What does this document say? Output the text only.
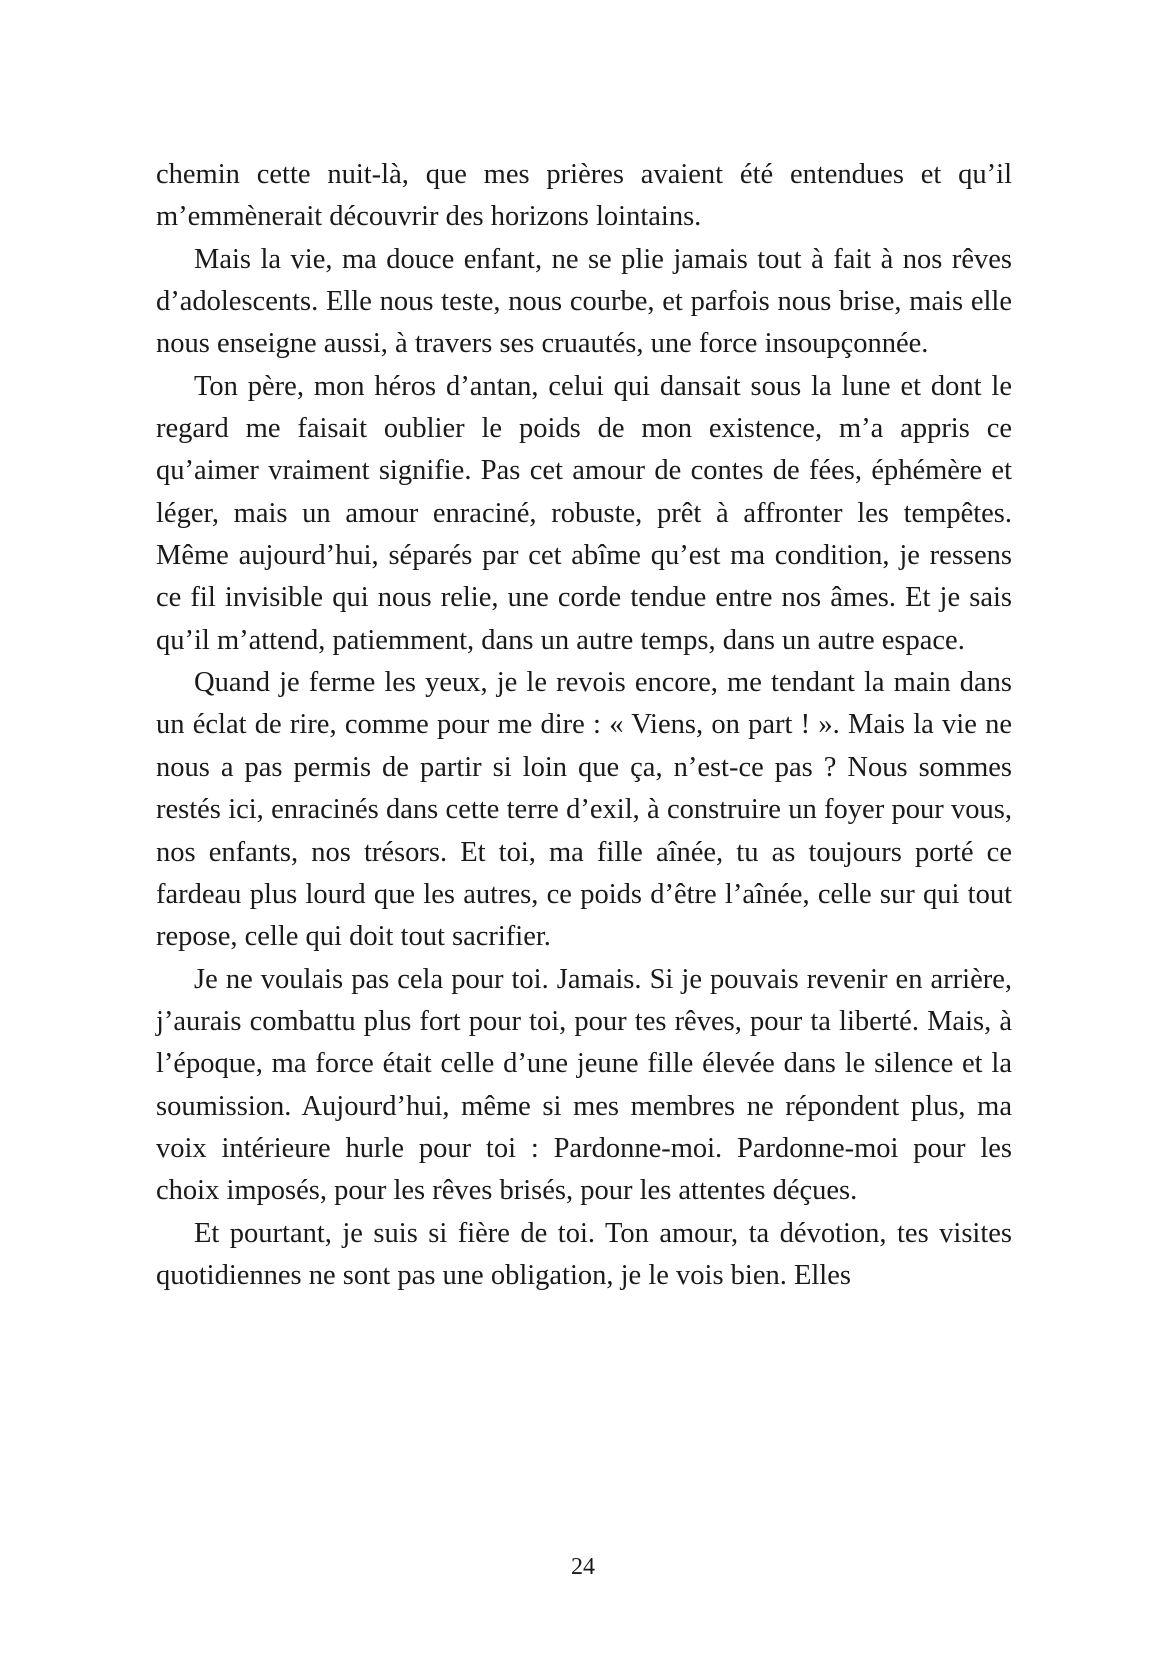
chemin cette nuit-là, que mes prières avaient été entendues et qu’il m’emmènerait découvrir des horizons lointains.

Mais la vie, ma douce enfant, ne se plie jamais tout à fait à nos rêves d’adolescents. Elle nous teste, nous courbe, et parfois nous brise, mais elle nous enseigne aussi, à travers ses cruautés, une force insoupçonnée.

Ton père, mon héros d’antan, celui qui dansait sous la lune et dont le regard me faisait oublier le poids de mon existence, m’a appris ce qu’aimer vraiment signifie. Pas cet amour de contes de fées, éphémère et léger, mais un amour enraciné, robuste, prêt à affronter les tempêtes. Même aujourd’hui, séparés par cet abîme qu’est ma condition, je ressens ce fil invisible qui nous relie, une corde tendue entre nos âmes. Et je sais qu’il m’attend, patiemment, dans un autre temps, dans un autre espace.

Quand je ferme les yeux, je le revois encore, me tendant la main dans un éclat de rire, comme pour me dire : « Viens, on part ! ». Mais la vie ne nous a pas permis de partir si loin que ça, n’est-ce pas ? Nous sommes restés ici, enracinés dans cette terre d’exil, à construire un foyer pour vous, nos enfants, nos trésors. Et toi, ma fille aînée, tu as toujours porté ce fardeau plus lourd que les autres, ce poids d’être l’aînée, celle sur qui tout repose, celle qui doit tout sacrifier.

Je ne voulais pas cela pour toi. Jamais. Si je pouvais revenir en arrière, j’aurais combattu plus fort pour toi, pour tes rêves, pour ta liberté. Mais, à l’époque, ma force était celle d’une jeune fille élevée dans le silence et la soumission. Aujourd’hui, même si mes membres ne répondent plus, ma voix intérieure hurle pour toi : Pardonne-moi. Pardonne-moi pour les choix imposés, pour les rêves brisés, pour les attentes déçues.

Et pourtant, je suis si fière de toi. Ton amour, ta dévotion, tes visites quotidiennes ne sont pas une obligation, je le vois bien. Elles

24
